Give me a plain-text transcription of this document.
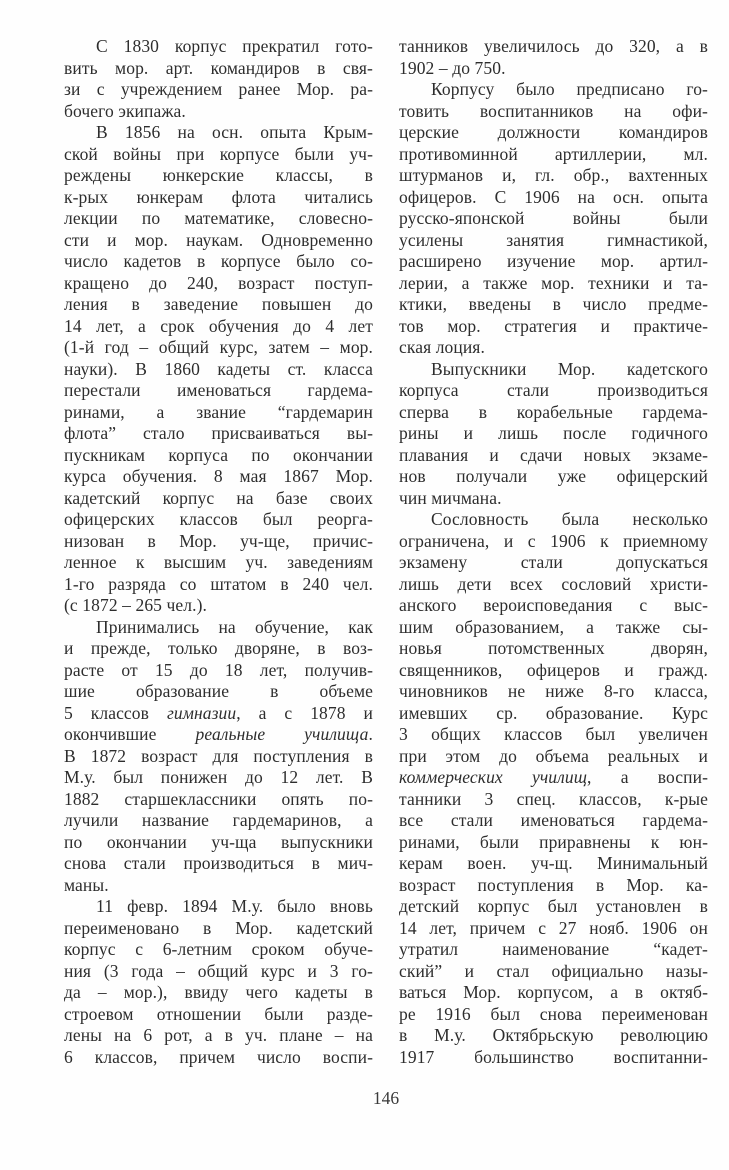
С 1830 корпус прекратил гото-
вить мор. арт. командиров в свя-
зи с учреждением ранее Мор. ра-
бочего экипажа.
В 1856 на осн. опыта Крым-
ской войны при корпусе были уч-
реждены юнкерские классы, в
к-рых юнкерам флота читались
лекции по математике, словесно-
сти и мор. наукам. Одновременно
число кадетов в корпусе было со-
кращено до 240, возраст поступ-
ления в заведение повышен до
14 лет, а срок обучения до 4 лет
(1-й год – общий курс, затем – мор.
науки). В 1860 кадеты ст. класса
перестали именоваться гардема-
ринами, а звание “гардемарин
флота” стало присваиваться вы-
пускникам корпуса по окончании
курса обучения. 8 мая 1867 Мор.
кадетский корпус на базе своих
офицерских классов был реорга-
низован в Мор. уч-ще, причис-
ленное к высшим уч. заведениям
1-го разряда со штатом в 240 чел.
(с 1872 – 265 чел.).
Принимались на обучение, как
и прежде, только дворяне, в воз-
расте от 15 до 18 лет, получив-
шие образование в объеме
5 классов гимназии, а с 1878 и
окончившие реальные училища.
В 1872 возраст для поступления в
М.у. был понижен до 12 лет. В
1882 старшеклассники опять по-
лучили название гардемаринов, а
по окончании уч-ща выпускники
снова стали производиться в мич-
маны.
11 февр. 1894 М.у. было вновь
переименовано в Мор. кадетский
корпус с 6-летним сроком обуче-
ния (3 года – общий курс и 3 го-
да – мор.), ввиду чего кадеты в
строевом отношении были разде-
лены на 6 рот, а в уч. плане – на
6 классов, причем число воспи-
танников увеличилось до 320, а в
1902 – до 750.
Корпусу было предписано го-
товить воспитанников на офи-
церские должности командиров
противоминной артиллерии, мл.
штурманов и, гл. обр., вахтенных
офицеров. С 1906 на осн. опыта
русско-японской войны были
усилены занятия гимнастикой,
расширено изучение мор. артил-
лерии, а также мор. техники и та-
ктики, введены в число предме-
тов мор. стратегия и практиче-
ская лоция.
Выпускники Мор. кадетского
корпуса стали производиться
сперва в корабельные гардема-
рины и лишь после годичного
плавания и сдачи новых экзаме-
нов получали уже офицерский
чин мичмана.
Сословность была несколько
ограничена, и с 1906 к приемному
экзамену стали допускаться
лишь дети всех сословий христи-
анского вероисповедания с выс-
шим образованием, а также сы-
новья потомственных дворян,
священников, офицеров и гражд.
чиновников не ниже 8-го класса,
имевших ср. образование. Курс
3 общих классов был увеличен
при этом до объема реальных и
коммерческих училищ, а воспи-
танники 3 спец. классов, к-рые
все стали именоваться гардема-
ринами, были приравнены к юн-
керам воен. уч-щ. Минимальный
возраст поступления в Мор. ка-
детский корпус был установлен в
14 лет, причем с 27 нояб. 1906 он
утратил наименование “кадет-
ский” и стал официально назы-
ваться Мор. корпусом, а в октяб-
ре 1916 был снова переименован
в М.у. Октябрьскую революцию
1917 большинство воспитанни-
146
